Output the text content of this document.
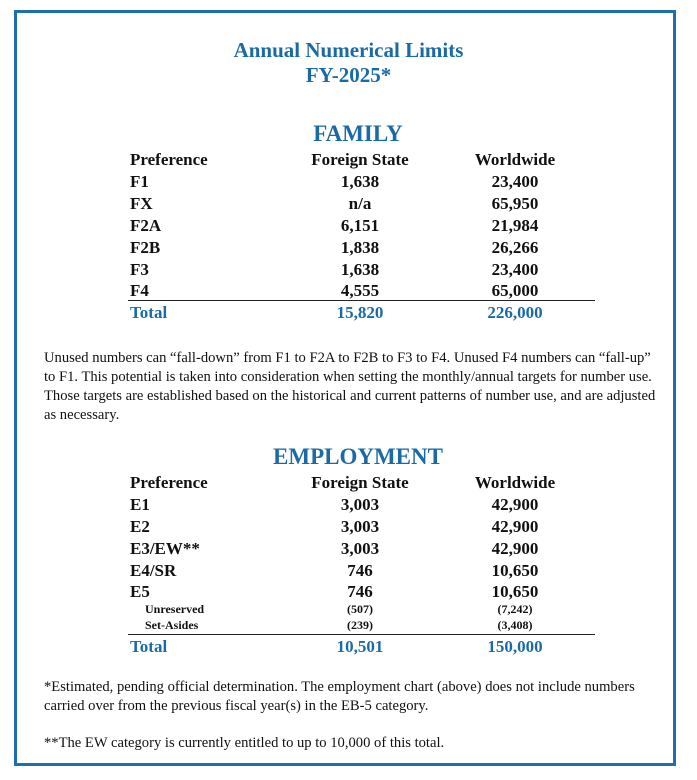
Annual Numerical Limits
FY-2025*
FAMILY
Preference	Foreign State	Worldwide
F1	1,638	23,400
FX	n/a	65,950
F2A	6,151	21,984
F2B	1,838	26,266
F3	1,638	23,400
F4	4,555	65,000
Total	15,820	226,000
Unused numbers can “fall-down” from F1 to F2A to F2B to F3 to F4. Unused F4 numbers can “fall-up” to F1. This potential is taken into consideration when setting the monthly/annual targets for number use. Those targets are established based on the historical and current patterns of number use, and are adjusted as necessary.
EMPLOYMENT
Preference	Foreign State	Worldwide
E1	3,003	42,900
E2	3,003	42,900
E3/EW**	3,003	42,900
E4/SR	746	10,650
E5	746	10,650
Unreserved	(507)	(7,242)
Set-Asides	(239)	(3,408)
Total	10,501	150,000
*Estimated, pending official determination. The employment chart (above) does not include numbers carried over from the previous fiscal year(s) in the EB-5 category.
**The EW category is currently entitled to up to 10,000 of this total.
